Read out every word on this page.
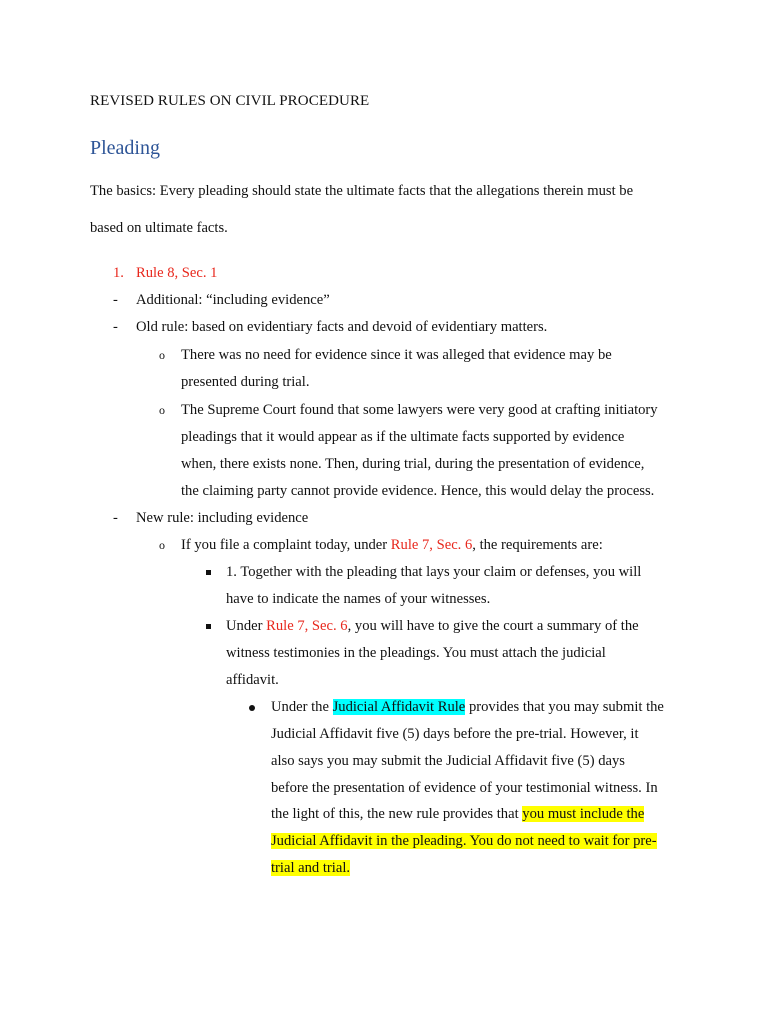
REVISED RULES ON CIVIL PROCEDURE
Pleading
The basics: Every pleading should state the ultimate facts that the allegations therein must be
based on ultimate facts.
1. Rule 8, Sec. 1
- Additional: “including evidence”
- Old rule: based on evidentiary facts and devoid of evidentiary matters.
o There was no need for evidence since it was alleged that evidence may be
presented during trial.
o The Supreme Court found that some lawyers were very good at crafting initiatory
pleadings that it would appear as if the ultimate facts supported by evidence
when, there exists none. Then, during trial, during the presentation of evidence,
the claiming party cannot provide evidence. Hence, this would delay the process.
- New rule: including evidence
o If you file a complaint today, under Rule 7, Sec. 6, the requirements are:
1. Together with the pleading that lays your claim or defenses, you will
have to indicate the names of your witnesses.
Under Rule 7, Sec. 6, you will have to give the court a summary of the
witness testimonies in the pleadings. You must attach the judicial
affidavit.
Under the Judicial Affidavit Rule provides that you may submit the
Judicial Affidavit five (5) days before the pre-trial. However, it
also says you may submit the Judicial Affidavit five (5) days
before the presentation of evidence of your testimonial witness. In
the light of this, the new rule provides that you must include the
Judicial Affidavit in the pleading. You do not need to wait for pre-
trial and trial.
